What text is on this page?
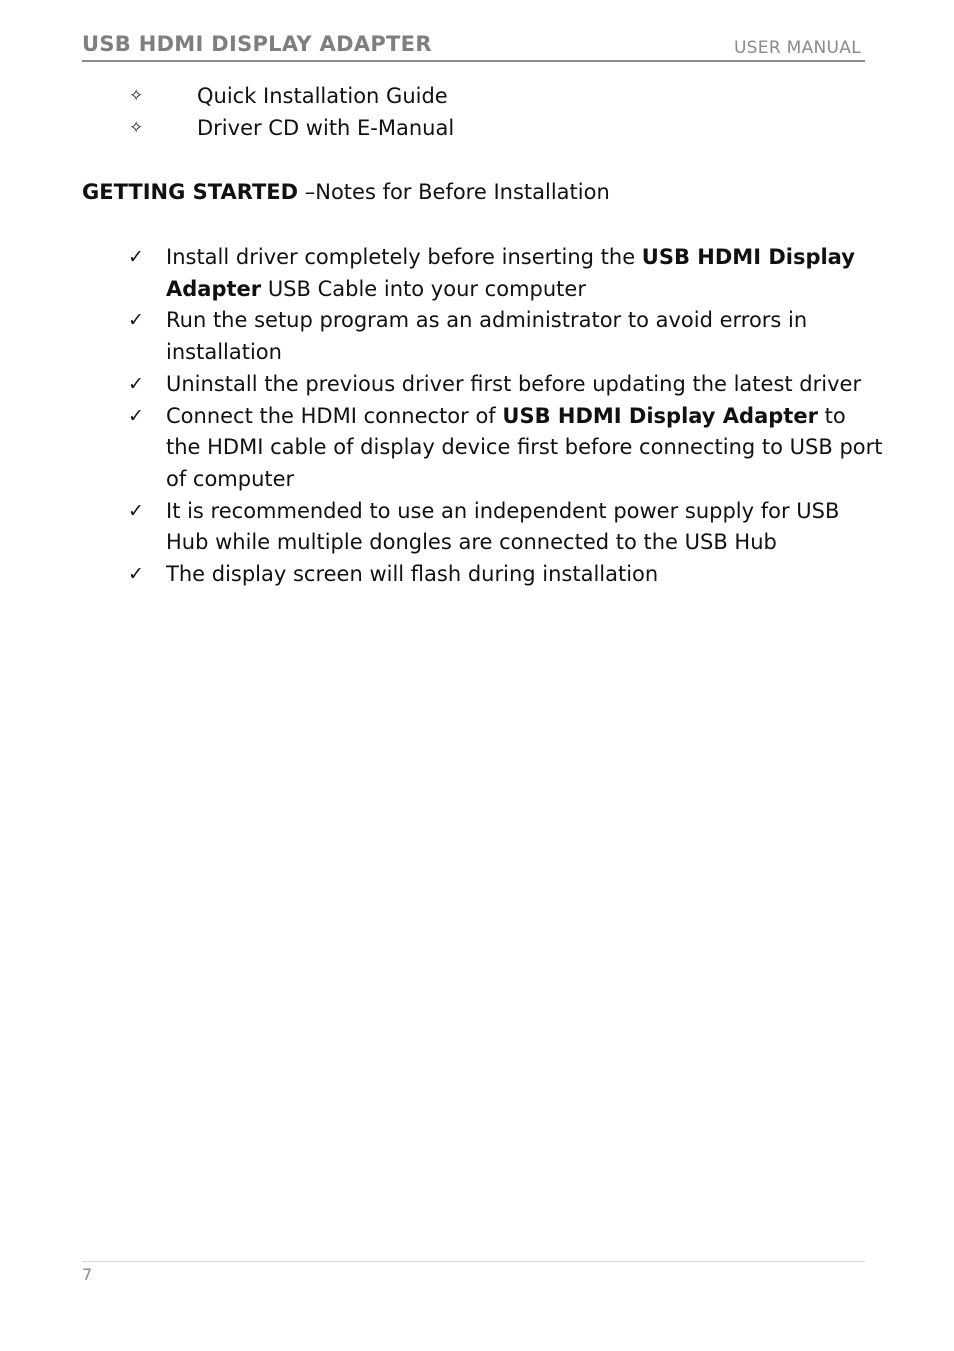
USB HDMI DISPLAY ADAPTER	USER MANUAL
✧	Quick Installation Guide
✧	Driver CD with E-Manual
GETTING STARTED –Notes for Before Installation
✓ Install driver completely before inserting the USB HDMI Display Adapter USB Cable into your computer
✓ Run the setup program as an administrator to avoid errors in installation
✓ Uninstall the previous driver first before updating the latest driver
✓ Connect the HDMI connector of USB HDMI Display Adapter to the HDMI cable of display device first before connecting to USB port of computer
✓ It is recommended to use an independent power supply for USB Hub while multiple dongles are connected to the USB Hub
✓ The display screen will flash during installation
7
